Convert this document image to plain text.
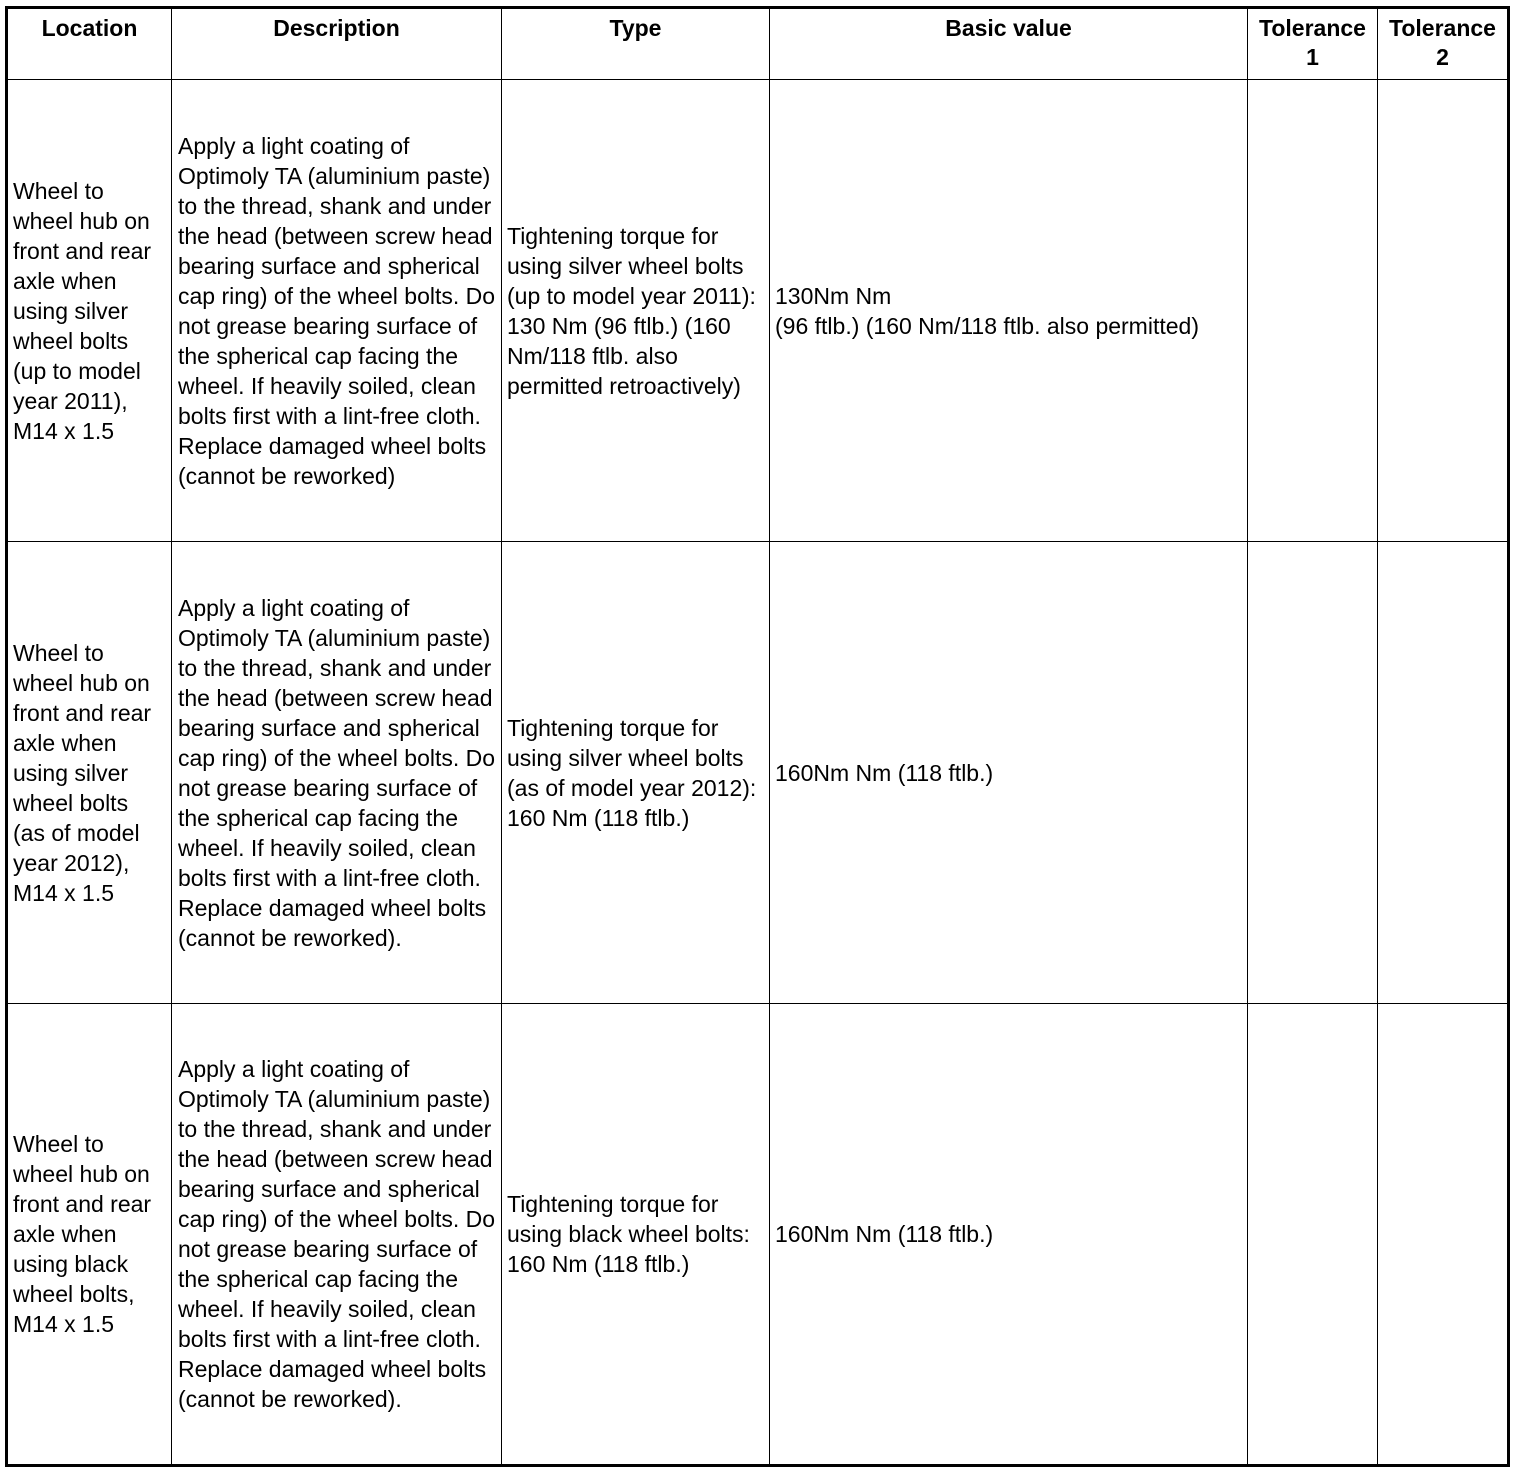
Location	Description	Type	Basic value	Tolerance 1	Tolerance 2
Wheel to wheel hub on front and rear axle when using silver wheel bolts (up to model year 2011), M14 x 1.5	Apply a light coating of Optimoly TA (aluminium paste) to the thread, shank and under the head (between screw head bearing surface and spherical cap ring) of the wheel bolts. Do not grease bearing surface of the spherical cap facing the wheel. If heavily soiled, clean bolts first with a lint-free cloth. Replace damaged wheel bolts (cannot be reworked)	Tightening torque for using silver wheel bolts (up to model year 2011): 130 Nm (96 ftlb.) (160 Nm/118 ftlb. also permitted retroactively)	130Nm Nm
(96 ftlb.) (160 Nm/118 ftlb. also permitted)		

Wheel to wheel hub on front and rear axle when using silver wheel bolts (as of model year 2012), M14 x 1.5	Apply a light coating of Optimoly TA (aluminium paste) to the thread, shank and under the head (between screw head bearing surface and spherical cap ring) of the wheel bolts. Do not grease bearing surface of the spherical cap facing the wheel. If heavily soiled, clean bolts first with a lint-free cloth. Replace damaged wheel bolts (cannot be reworked).	Tightening torque for using silver wheel bolts (as of model year 2012): 160 Nm (118 ftlb.)	160Nm Nm (118 ftlb.)		

Wheel to wheel hub on front and rear axle when using black wheel bolts, M14 x 1.5	Apply a light coating of Optimoly TA (aluminium paste) to the thread, shank and under the head (between screw head bearing surface and spherical cap ring) of the wheel bolts. Do not grease bearing surface of the spherical cap facing the wheel. If heavily soiled, clean bolts first with a lint-free cloth. Replace damaged wheel bolts (cannot be reworked).	Tightening torque for using black wheel bolts: 160 Nm (118 ftlb.)	160Nm Nm (118 ftlb.)		
